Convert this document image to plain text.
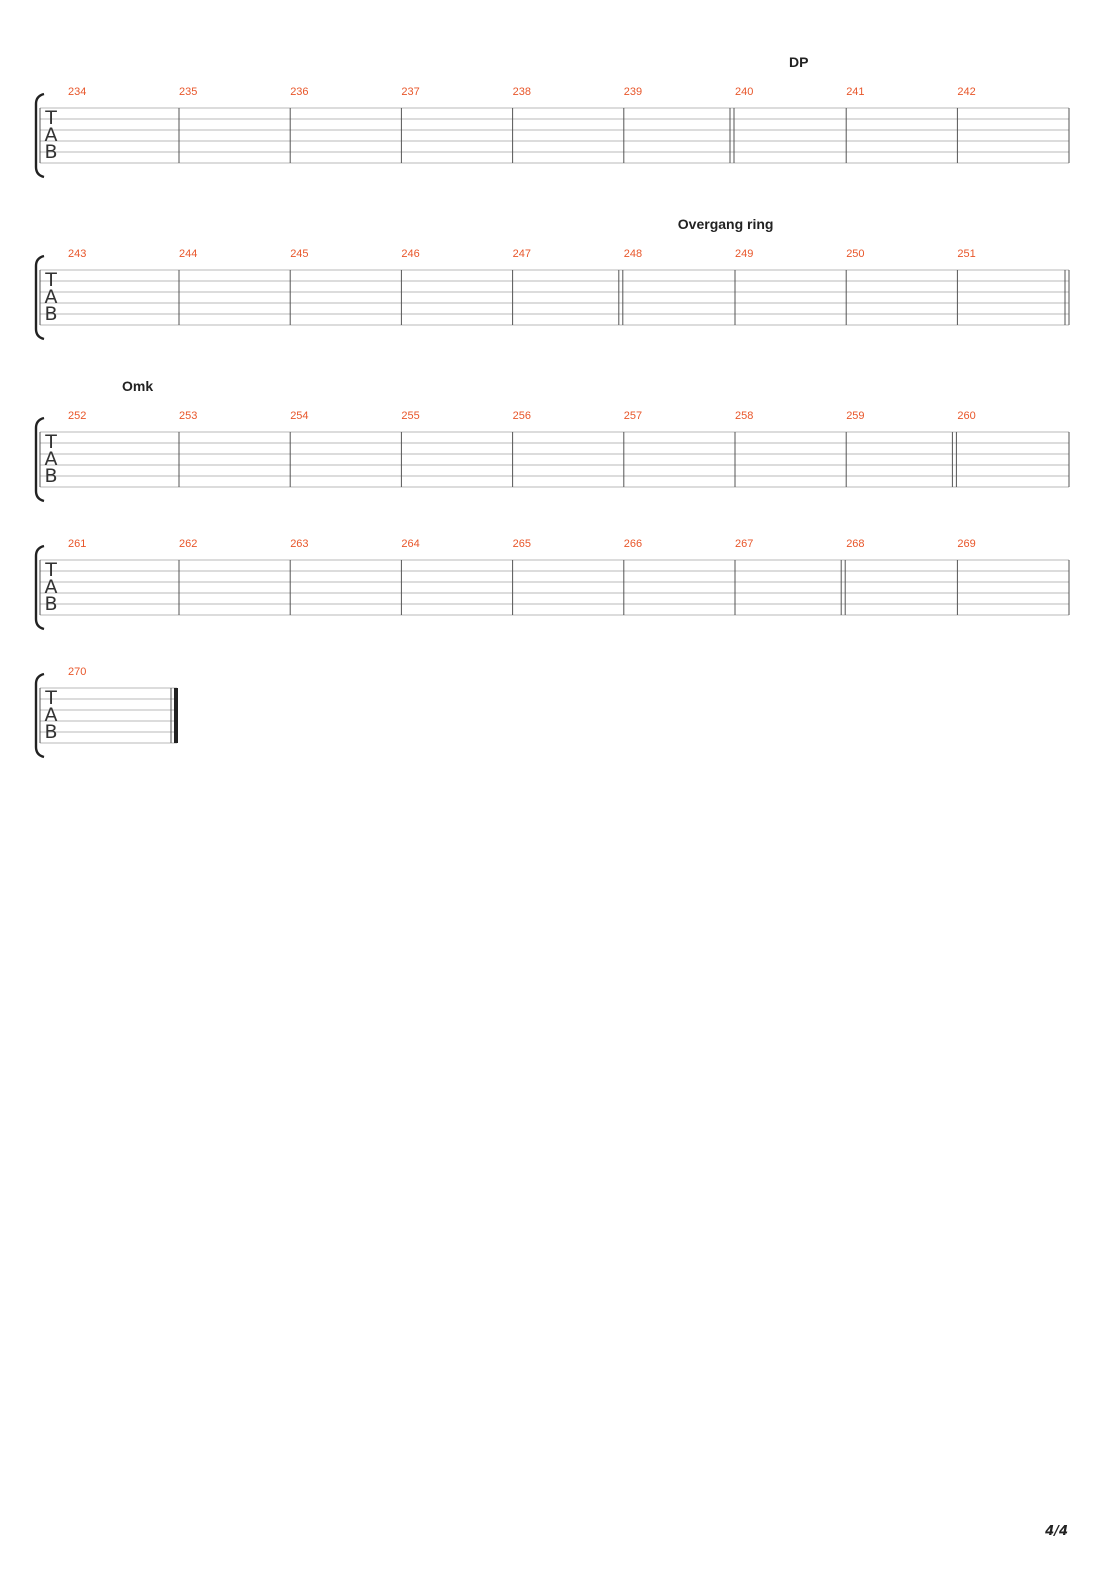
T
A
B
234	235	236	237	238	239	240	241	242
DP
T
A
B
243	244	245	246	247	248	249	250	251
Overgang ring
T
A
B
252	253	254	255	256	257	258	259	260
Omk
T
A
B
261	262	263	264	265	266	267	268	269
T
A
B
270
4/4
